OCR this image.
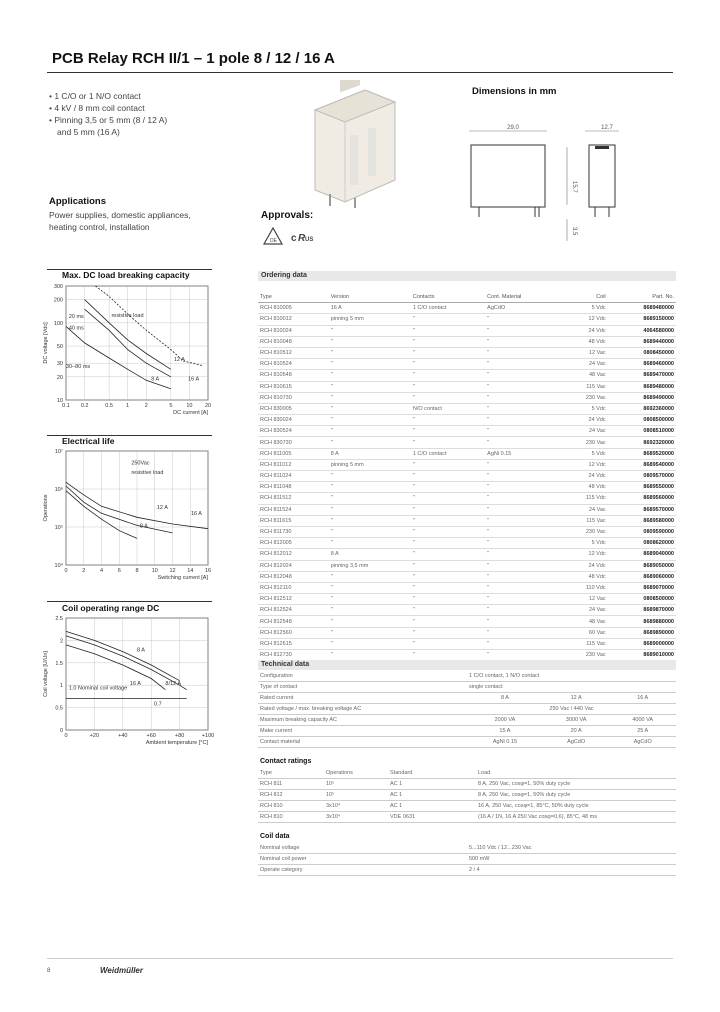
PCB Relay RCH II/1 – 1 pole 8 / 12 / 16 A
• 1 C/O or 1 N/O contact
• 4 kV / 8 mm coil contact
• Pinning 3,5 or 5 mm (8 / 12 A)
and 5 mm (16 A)
Dimensions in mm
29.0	12.7
15.7
3.5
Applications
Power supplies, domestic appliances,
heating control, installation
Approvals:
DE c R US
Ordering data
Type	Version	Contacts	Cont. Material	Coil	Part. No.
RCH 810005	16 A	1 C/O contact	AgCdO	5 Vdc	8689480000
RCH 810012	pinning 5 mm	"	"	12 Vdc	8689150000
RCH 810024	"	"	"	24 Vdc	4064580000
RCH 810048	"	"	"	48 Vdc	8689440000
RCH 810512	"	"	"	12 Vac	0808450000
RCH 810524	"	"	"	24 Vac	8689460000
RCH 810548	"	"	"	48 Vac	8689470000
RCH 810615	"	"	"	115 Vac	8689480000
RCH 810730	"	"	"	230 Vac	8689490000
RCH 830005	"	N/O contact	"	5 Vdc	8692360000
RCH 830024	"	"	"	24 Vdc	0808500000
RCH 830524	"	"	"	24 Vac	0808510000
RCH 830730	"	"	"	230 Vac	8692320000
RCH 811005	8 A	1 C/O contact	AgNi 0.15	5 Vdc	8689520000
RCH 811012	pinning 5 mm	"	"	12 Vdc	8689540000
RCH 811024	"	"	"	24 Vdc	0809570000
RCH 811048	"	"	"	48 Vdc	8689550000
RCH 811512	"	"	"	115 Vdc	8689560000
RCH 811524	"	"	"	24 Vac	8689570000
RCH 811615	"	"	"	115 Vac	8689580000
RCH 811730	"	"	"	230 Vac	0809590000
RCH 812005	"	"	"	5 Vdc	0808620000
RCH 812012	8 A	"	"	12 Vdc	8689040000
RCH 812024	pinning 3,5 mm	"	"	24 Vdc	8689050000
RCH 812048	"	"	"	48 Vdc	8689060000
RCH 812110	"	"	"	110 Vdc	8689070000
RCH 812512	"	"	"	12 Vac	0808500000
RCH 812524	"	"	"	24 Vac	8689870000
RCH 812548	"	"	"	48 Vac	8689880000
RCH 812560	"	"	"	60 Vac	8689890000
RCH 812615	"	"	"	115 Vac	8689000000
RCH 812730	"	"	"	230 Vac	8689010000
Technical data
Configuration	1 C/O contact, 1 N/O contact		
Type of contact	single contact		
Rated current	8 A	12 A	16 A
Rated voltage / max. breaking voltage AC	250 Vac / 440 Vac		
Maximum breaking capacity AC	2000 VA	3000 VA	4000 VA
Make current	15 A	20 A	25 A
Contact material	AgNi 0.15	AgCdO	AgCdO
Contact ratings
Type	Operations	Standard	Load
RCH 811	10⁵	AC 1	8 A, 250 Vac, cosφ=1, 50% duty cycle
RCH 812	10⁵	AC 1	8 A, 250 Vac, cosφ=1, 50% duty cycle
RCH 810	3x10⁴	AC 1	16 A, 250 Vac, cosφ=1, 85°C, 50% duty cycle
RCH 810	3x10⁴	VDE 0631	(16 A / 1N, 16 A 250 Vac cosφ=0,6), 85°C, 48 ms
Coil data
Nominal voltage	5...110 Vdc / 12...230 Vac
Nominal coil power	500 mW
Operate category	2 / 4
Max. DC load breaking capacity
0.1 0.2	0.5 1	2	5	10 20
10
20
30
50
100
200
300
DC current [A]
DC voltage [Vdc]
20 ms
40 ms
30–80 ms
resistive load
12 A
8 A	16 A
Electrical life
0	2	4	6	8 10 12 14 16
10⁴
10⁵
10⁶
10⁷
Switching current [A]
Operations
250Vac
resistive load
16 A
12 A
8 A
Coil operating range DC
0	+20	+40	+60	+80	+100
0
0.5
1
1.5
2
2.5
Ambient temperature [°C]
Coil voltage [U/Un]
8 A
16 A	8/12 A
1.0 Nominal coil voltage
0.7
8	Weidmüller
